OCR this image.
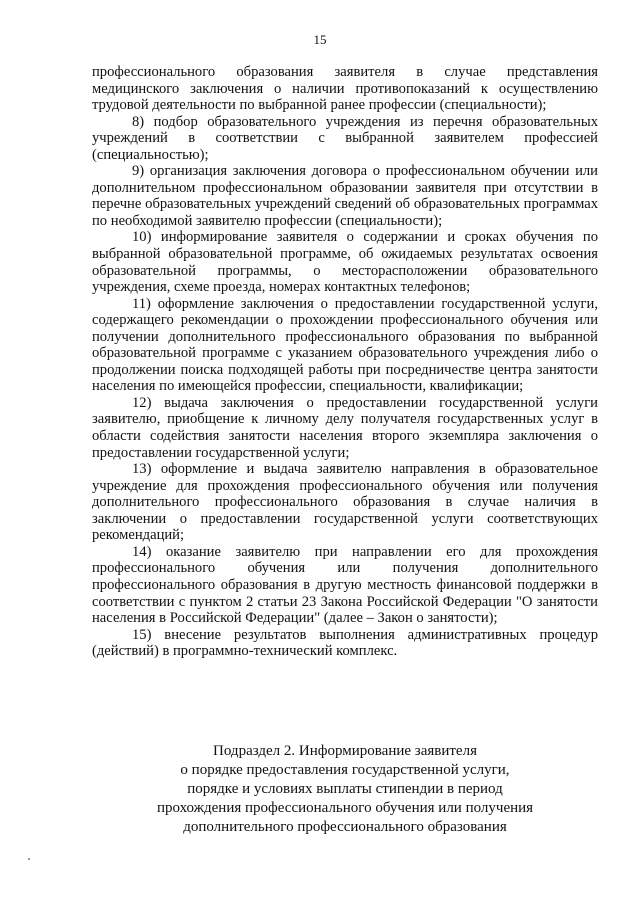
15

профессионального образования заявителя в случае представления медицинского заключения о наличии противопоказаний к осуществлению трудовой деятельности по выбранной ранее профессии (специальности);

8) подбор образовательного учреждения из перечня образовательных учреждений в соответствии с выбранной заявителем профессией (специальностью);

9) организация заключения договора о профессиональном обучении или дополнительном профессиональном образовании заявителя при отсутствии в перечне образовательных учреждений сведений об образовательных программах по необходимой заявителю профессии (специальности);

10) информирование заявителя о содержании и сроках обучения по выбранной образовательной программе, об ожидаемых результатах освоения образовательной программы, о месторасположении образовательного учреждения, схеме проезда, номерах контактных телефонов;

11) оформление заключения о предоставлении государственной услуги, содержащего рекомендации о прохождении профессионального обучения или получении дополнительного профессионального образования по выбранной образовательной программе с указанием образовательного учреждения либо о продолжении поиска подходящей работы при посредничестве центра занятости населения по имеющейся профессии, специальности, квалификации;

12) выдача заключения о предоставлении государственной услуги заявителю, приобщение к личному делу получателя государственных услуг в области содействия занятости населения второго экземпляра заключения о предоставлении государственной услуги;

13) оформление и выдача заявителю направления в образовательное учреждение для прохождения профессионального обучения или получения дополнительного профессионального образования в случае наличия в заключении о предоставлении государственной услуги соответствующих рекомендаций;

14) оказание заявителю при направлении его для прохождения профессионального обучения или получения дополнительного профессионального образования в другую местность финансовой поддержки в соответствии с пунктом 2 статьи 23 Закона Российской Федерации "О занятости населения в Российской Федерации" (далее – Закон о занятости);

15) внесение результатов выполнения административных процедур (действий) в программно-технический комплекс.

Подраздел 2. Информирование заявителя
о порядке предоставления государственной услуги,
порядке и условиях выплаты стипендии в период
прохождения профессионального обучения или получения
дополнительного профессионального образования
